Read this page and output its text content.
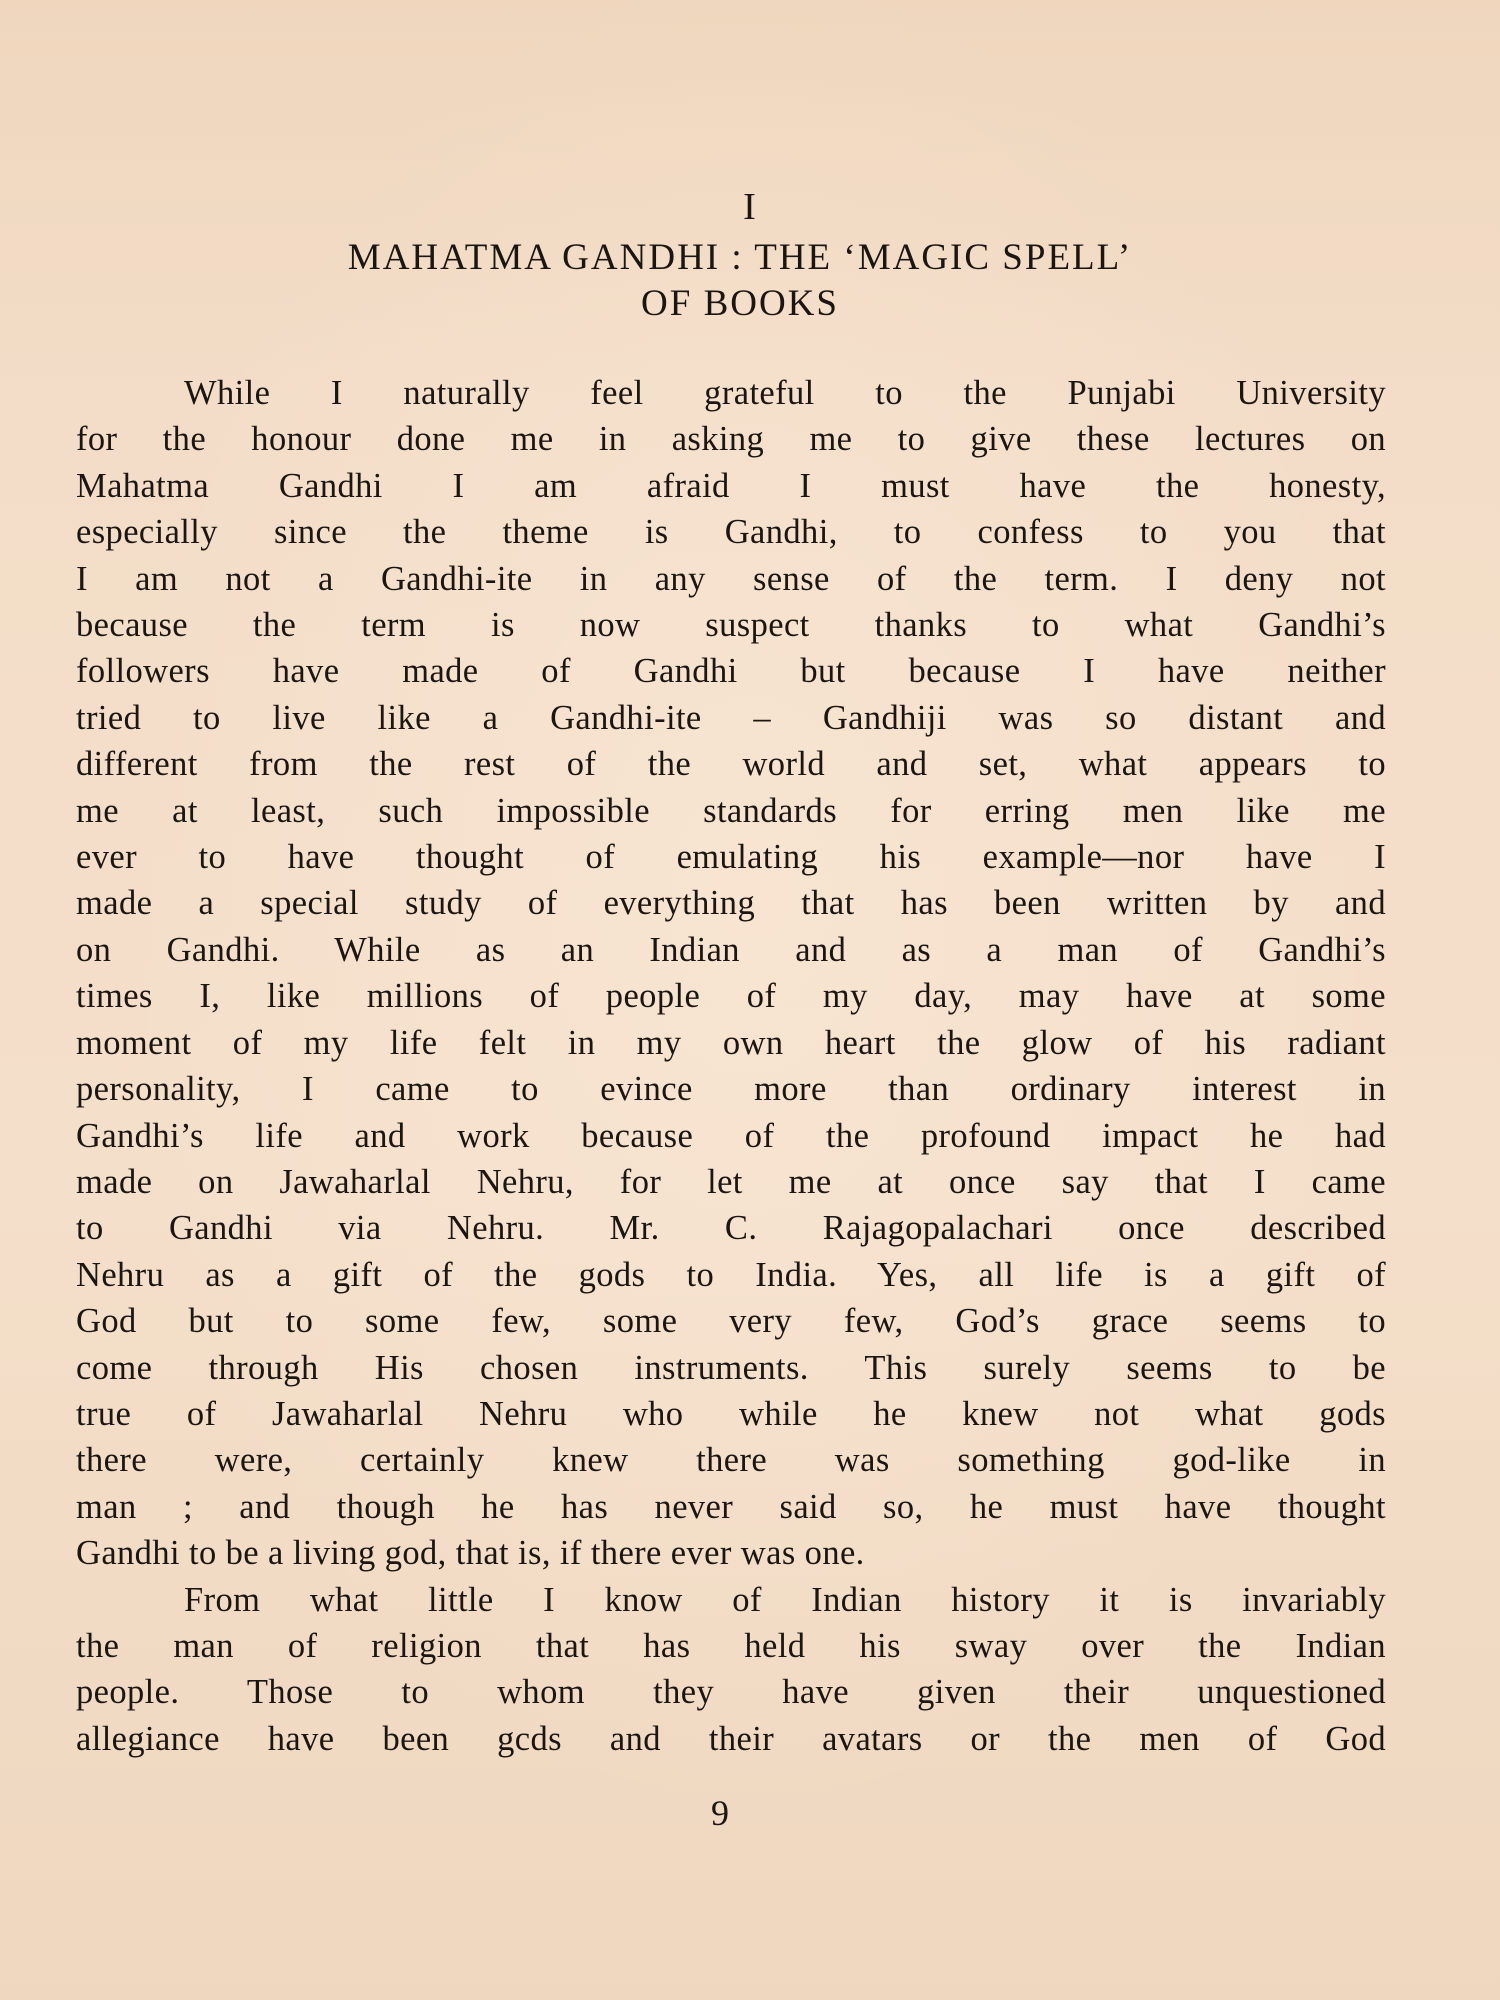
I
MAHATMA GANDHI : THE ‘MAGIC SPELL’
OF BOOKS
While I naturally feel grateful to the Punjabi University
for the honour done me in asking me to give these lectures on
Mahatma Gandhi I am afraid I must have the honesty,
especially since the theme is Gandhi, to confess to you that
I am not a Gandhi-ite in any sense of the term. I deny not
because the term is now suspect thanks to what Gandhi’s
followers have made of Gandhi but because I have neither
tried to live like a Gandhi-ite – Gandhiji was so distant and
different from the rest of the world and set, what appears to
me at least, such impossible standards for erring men like me
ever to have thought of emulating his example—nor have I
made a special study of everything that has been written by and
on Gandhi. While as an Indian and as a man of Gandhi’s
times I, like millions of people of my day, may have at some
moment of my life felt in my own heart the glow of his radiant
personality, I came to evince more than ordinary interest in
Gandhi’s life and work because of the profound impact he had
made on Jawaharlal Nehru, for let me at once say that I came
to Gandhi via Nehru. Mr. C. Rajagopalachari once described
Nehru as a gift of the gods to India. Yes, all life is a gift of
God but to some few, some very few, God’s grace seems to
come through His chosen instruments. This surely seems to be
true of Jawaharlal Nehru who while he knew not what gods
there were, certainly knew there was something god-like in
man ; and though he has never said so, he must have thought
Gandhi to be a living god, that is, if there ever was one.
From what little I know of Indian history it is invariably
the man of religion that has held his sway over the Indian
people. Those to whom they have given their unquestioned
allegiance have been gcds and their avatars or the men of God
9
